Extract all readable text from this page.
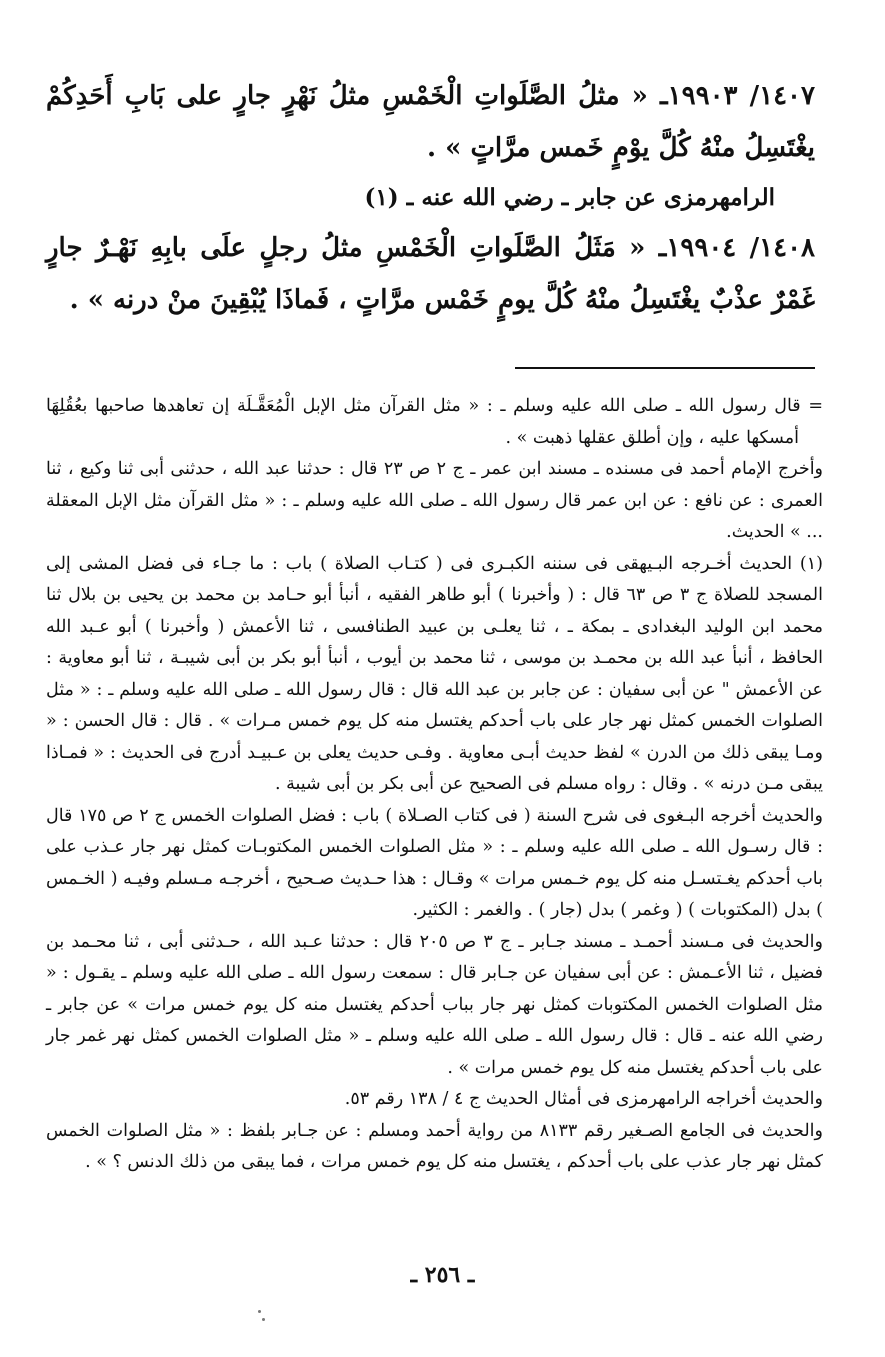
١٤٠٧/ ١٩٩٠٣ـ « مثلُ الصَّلَواتِ الْخَمْسِ مثلُ نَهْرٍ جارٍ على بَابِ أَحَدِكُمْ يغْتَسِلُ منْهُ كُلَّ يوْمٍ خَمس مرَّاتٍ » .

الرامهرمزى عن جابر ـ رضي الله عنه ـ (١)

١٤٠٨/ ١٩٩٠٤ـ « مَثَلُ الصَّلَواتِ الْخَمْسِ مثلُ رجلٍ علَى بابِهِ نَهْـرٌ جارٍ غَمْرٌ عذْبٌ يغْتَسِلُ منْهُ كُلَّ يومٍ خَمْس مرَّاتٍ ، فَماذَا يُبْقِينَ منْ درنه » .

= قال رسول الله ـ صلى الله عليه وسلم ـ : « مثل القرآن مثل الإبل الْمُعَقَّـلَة إن تعاهدها صاحبها بعُقُلِهَا أمسكها عليه ، وإن أطلق عقلها ذهبت » .

وأخرج الإمام أحمد فى مسنده ـ مسند ابن عمر ـ ج ٢ ص ٢٣ قال : حدثنا عبد الله ، حدثنى أبى ثنا وكيع ، ثنا العمرى : عن نافع : عن ابن عمر قال رسول الله ـ صلى الله عليه وسلم ـ : « مثل القرآن مثل الإبل المعقلة ... » الحديث.

(١) الحديث أخـرجه البـيهقى فى سننه الكبـرى فى ( كتـاب الصلاة ) باب : ما جـاء فى فضل المشى إلى المسجد للصلاة ج ٣ ص ٦٣ قال : ( وأخبرنا ) أبو طاهر الفقيه ، أنبأ أبو حـامد بن محمد بن يحيى بن بلال ثنا محمد ابن الوليد البغدادى ـ بمكة ـ ، ثنا يعلـى بن عبيد الطنافسى ، ثنا الأعمش ( وأخبرنا ) أبو عـبد الله الحافظ ، أنبأ عبد الله بن محمـد بن موسى ، ثنا محمد بن أيوب ، أنبأ أبو بكر بن أبى شيبـة ، ثنا أبو معاوية : عن الأعمش " عن أبى سفيان : عن جابر بن عبد الله قال : قال رسول الله ـ صلى الله عليه وسلم ـ : « مثل الصلوات الخمس كمثل نهر جار على باب أحدكم يغتسل منه كل يوم خمس مـرات » . قال : قال الحسن : « ومـا يبقى ذلك من الدرن » لفظ حديث أبـى معاوية . وفـى حديث يعلى بن عـبيـد أدرج فى الحديث : « فمـاذا يبقى مـن درنه » . وقال : رواه مسلم فى الصحيح عن أبى بكر بن أبى شيبة .

والحديث أخرجه البـغوى فى شرح السنة ( فى كتاب الصـلاة ) باب : فضل الصلوات الخمس ج ٢ ص ١٧٥ قال : قال رسـول الله ـ صلى الله عليه وسلم ـ : « مثل الصلوات الخمس المكتوبـات كمثل نهر جار عـذب على باب أحدكم يغـتسـل منه كل يوم خـمس مرات » وقـال : هذا حـديث صـحيح ، أخرجـه مـسلم وفيـه ( الخـمس ) بدل (المكتوبات ) ( وغمر ) بدل (جار ) . والغمر : الكثير.

والحديث فى مـسند أحمـد ـ مسند جـابر ـ ج ٣ ص ٢٠٥ قال : حدثنا عـبد الله ، حـدثنى أبى ، ثنا محـمد بن فضيل ، ثنا الأعـمش : عن أبى سفيان عن جـابر قال : سمعت رسول الله ـ صلى الله عليه وسلم ـ يقـول : « مثل الصلوات الخمس المكتوبات كمثل نهر جار بباب أحدكم يغتسل منه كل يوم خمس مرات » عن جابر ـ رضي الله عنه ـ قال : قال رسول الله ـ صلى الله عليه وسلم ـ « مثل الصلوات الخمس كمثل نهر غمر جار على باب أحدكم يغتسل منه كل يوم خمس مرات » .

والحديث أخراجه الرامهرمزى فى أمثال الحديث ج ٤ / ١٣٨ رقم ٥٣.

والحديث فى الجامع الصـغير رقم ٨١٣٣ من رواية أحمد ومسلم : عن جـابر بلفظ : « مثل الصلوات الخمس كمثل نهر جار عذب على باب أحدكم ، يغتسل منه كل يوم خمس مرات ، فما يبقى من ذلك الدنس ؟ » .

ـ ٢٥٦ ـ
